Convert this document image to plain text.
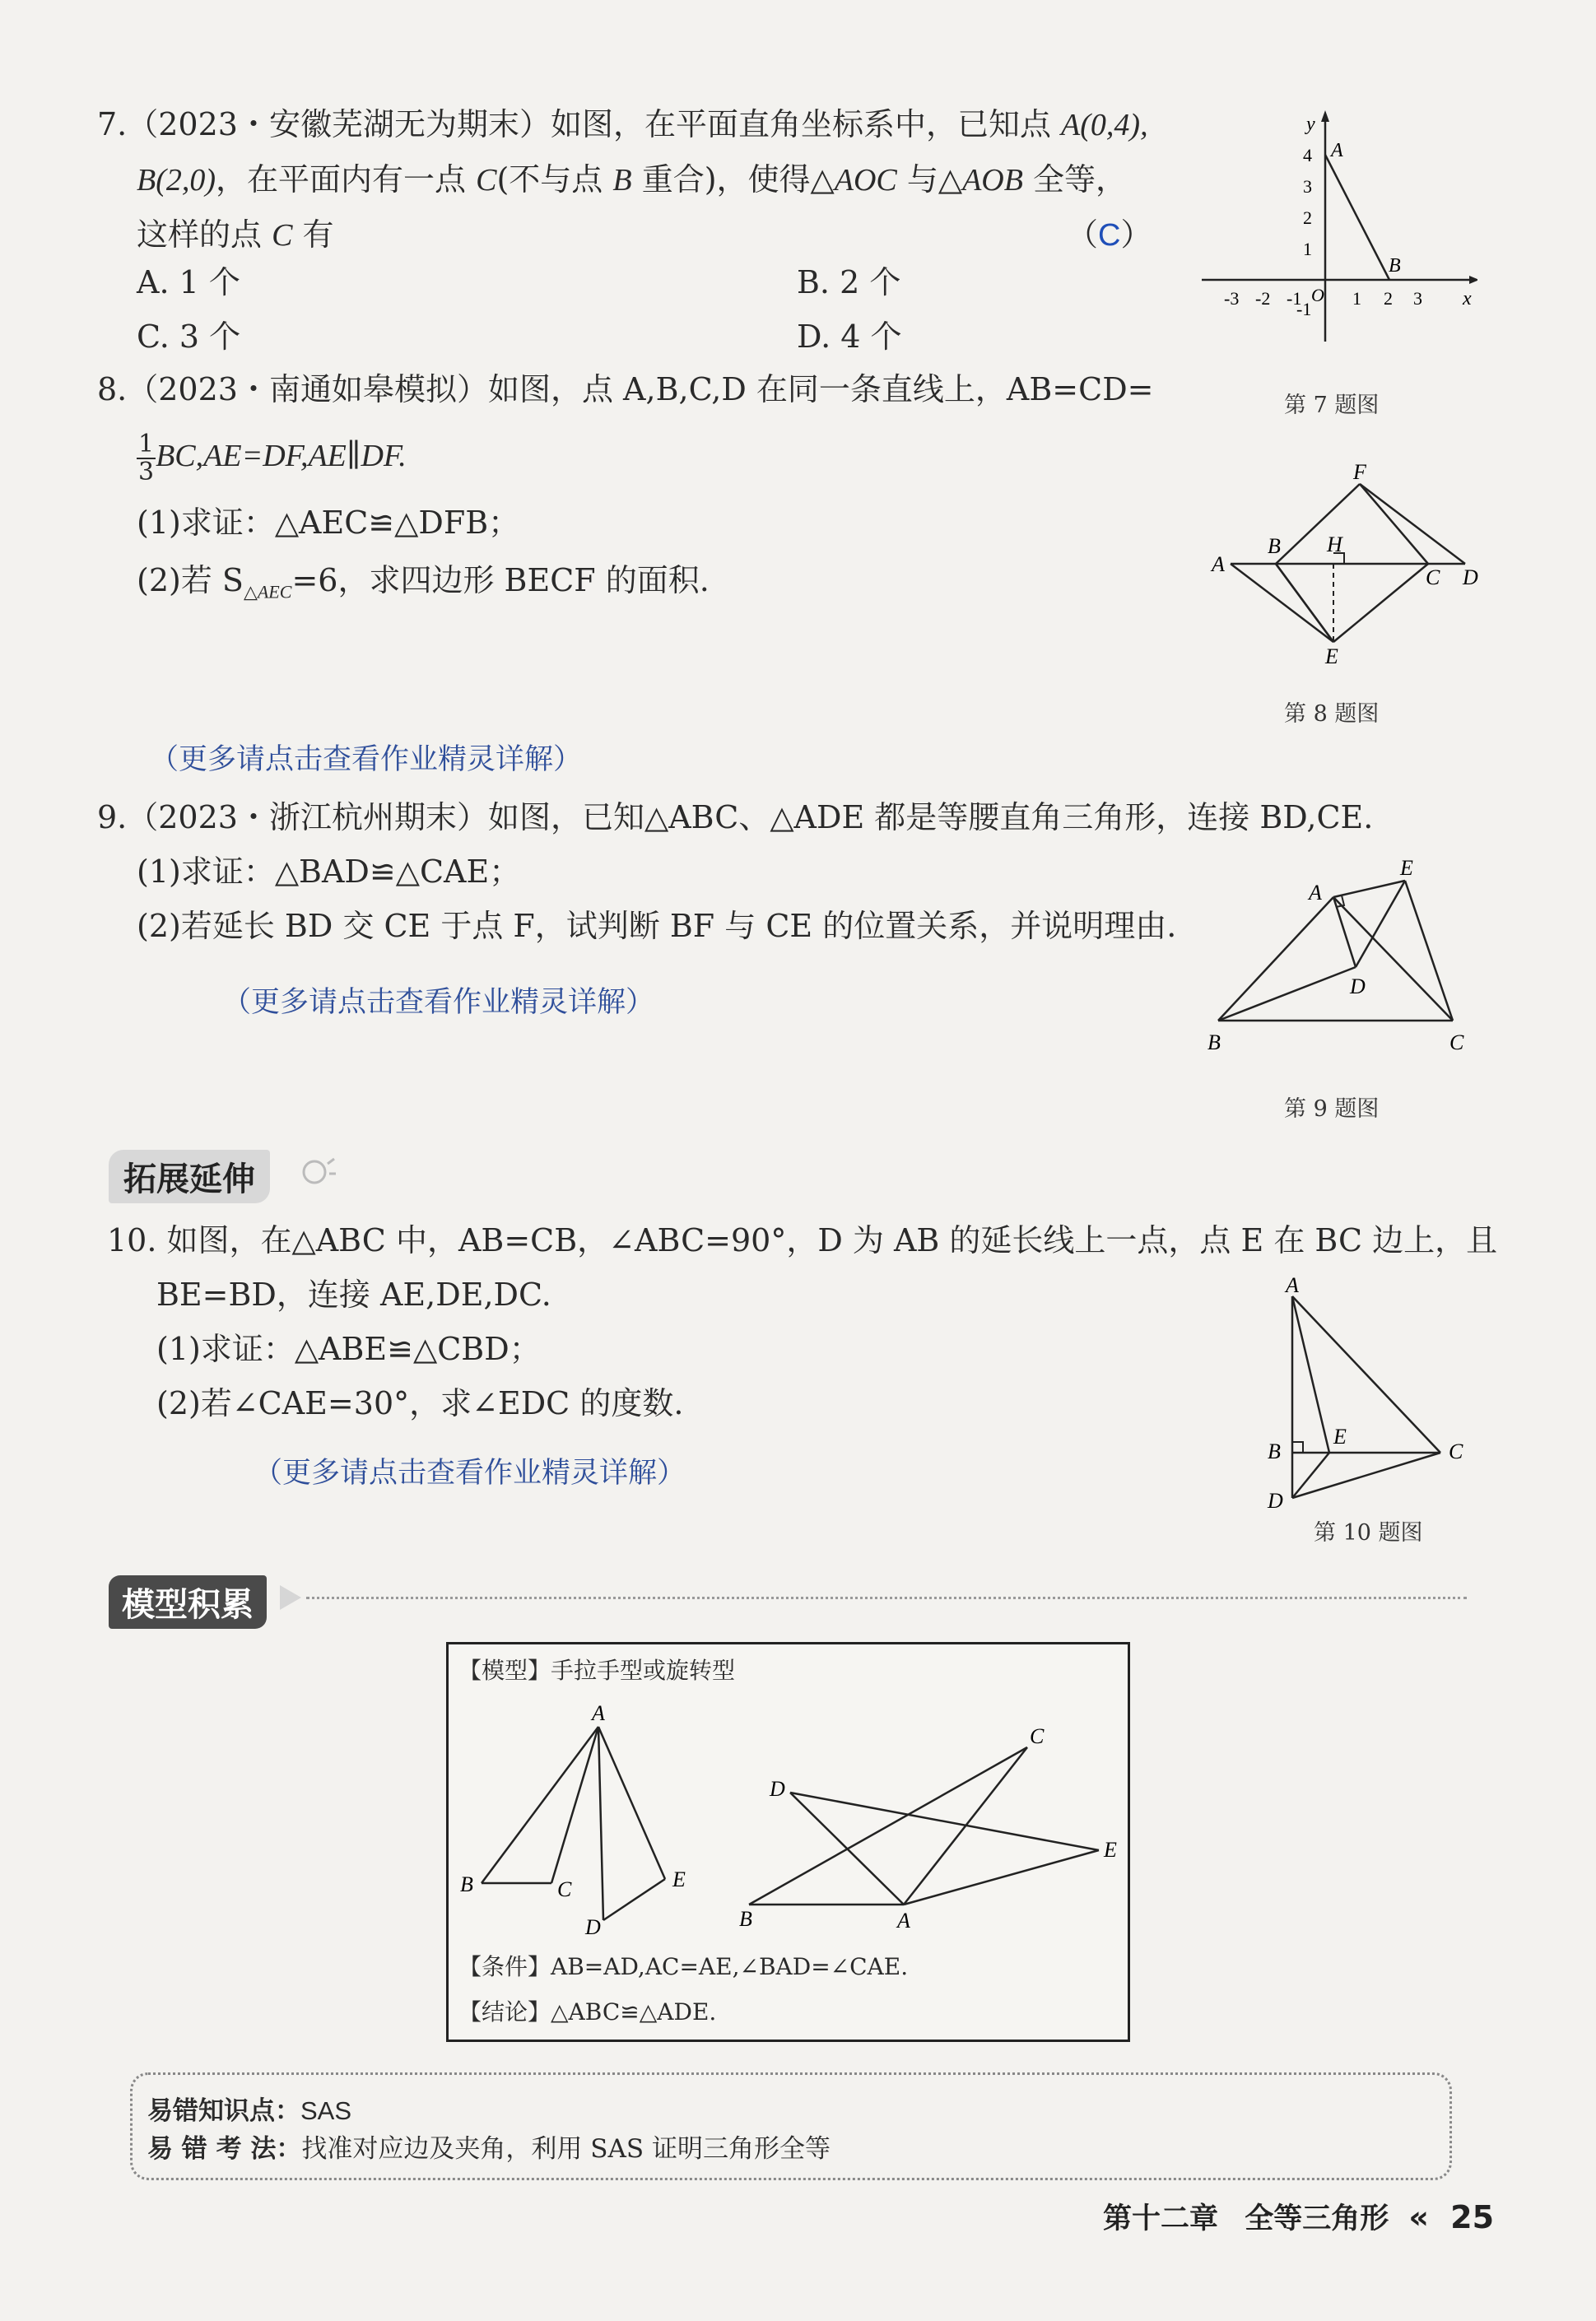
7.（2023・安徽芜湖无为期末）如图，在平面直角坐标系中，已知点 A(0,4),
B(2,0)，在平面内有一点 C(不与点 B 重合)，使得△AOC 与△AOB 全等，
这样的点 C 有	（C）
A. 1 个	B. 2 个
C. 3 个	D. 4 个
y
x
A
B
4
3
2
1
-1
-3 -2 -1 O 1 2 3
第 7 题图
8.（2023・南通如皋模拟）如图，点 A,B,C,D 在同一条直线上，AB=CD=
$\frac{1}{3}$ BC,AE=DF,AE∥DF.
(1)求证：△AEC≌△DFB；
(2)若 $S_{\triangle AEC}=6$，求四边形 BECF 的面积.
（更多请点击查看作业精灵详解）
A
B
C D
E
F
H
第 8 题图
9.（2023・浙江杭州期末）如图，已知△ABC、△ADE 都是等腰直角三角形，连接 BD,CE.
(1)求证：△BAD≌△CAE；
(2)若延长 BD 交 CE 于点 F，试判断 BF 与 CE 的位置关系，并说明理由.
（更多请点击查看作业精灵详解）
A
B	C
D
E
第 9 题图
拓展延伸
10. 如图，在△ABC 中，AB=CB，∠ABC=90°，D 为 AB 的延长线上一点，点 E 在 BC 边上，且
BE=BD，连接 AE,DE,DC.
(1)求证：△ABE≌△CBD；
(2)若∠CAE=30°，求∠EDC 的度数.
（更多请点击查看作业精灵详解）
A
B	C
D
E
第 10 题图
模型积累
【模型】手拉手型或旋转型
A
B	C
D
E
A
B
C
D
E
【条件】AB=AD,AC=AE,∠BAD=∠CAE.
【结论】△ABC≌△ADE.
易错知识点：SAS
易 错 考 法：找准对应边及夹角，利用 SAS 证明三角形全等
第十二章 全等三角形 « 25
